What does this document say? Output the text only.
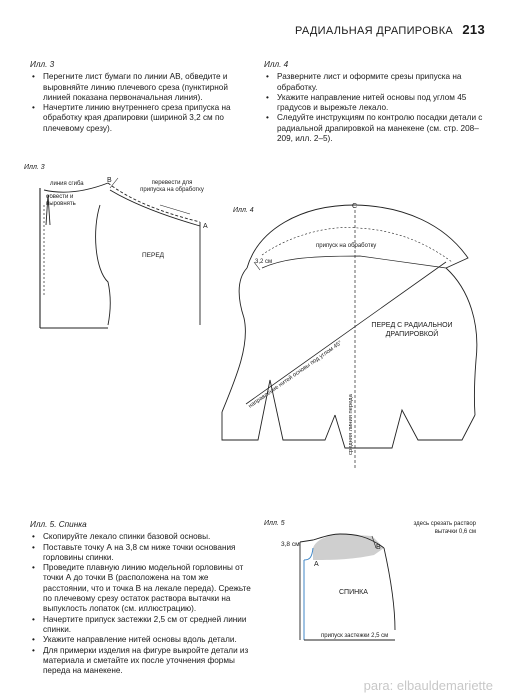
РАДИАЛЬНАЯ ДРАПИРОВКА 213
Илл. 3
• Перегните лист бумаги по линии АВ, обведите и выровняйте линию плечевого среза (пунктирной линией показана первоначальная линия).
• Начертите линию внутреннего среза припуска на обработку края драпировки (шириной 3,2 см по плечевому срезу).
Илл. 4
• Разверните лист и оформите срезы припуска на обработку.
• Укажите направление нитей основы под углом 45 градусов и вырежьте лекало.
• Следуйте инструкциям по контролю посадки детали с радиальной драпировкой на манекене (см. стр. 208–209, илл. 2–5).
Илл. 3
линия сгиба	B
A
ПЕРЕД
обвести и выровнять
перевести для припуска на обработку
Илл. 4
C
припуск на обработку
3,2 см
направление нитей основы под углом 45°
средняя линия переда
ПЕРЕД С РАДИАЛЬНОЙ ДРАПИРОВКОЙ
Илл. 5
3,8 см
A
B
СПИНКА
припуск застежки 2,5 см
здесь срезать раствор вытачки 0,6 см
Илл. 5. Спинка
• Скопируйте лекало спинки базовой основы.
• Поставьте точку А на 3,8 см ниже точки основания горловины спинки.
• Проведите плавную линию модельной горловины от точки А до точки В (расположена на том же расстоянии, что и точка В на лекале переда). Срежьте по плечевому срезу остаток раствора вытачки на выпуклость лопаток (см. иллюстрацию).
• Начертите припуск застежки 2,5 см от средней линии спинки.
• Укажите направление нитей основы вдоль детали.
• Для примерки изделия на фигуре выкройте детали из материала и сметайте их после уточнения формы переда на манекене.
para: elbauldemariette
